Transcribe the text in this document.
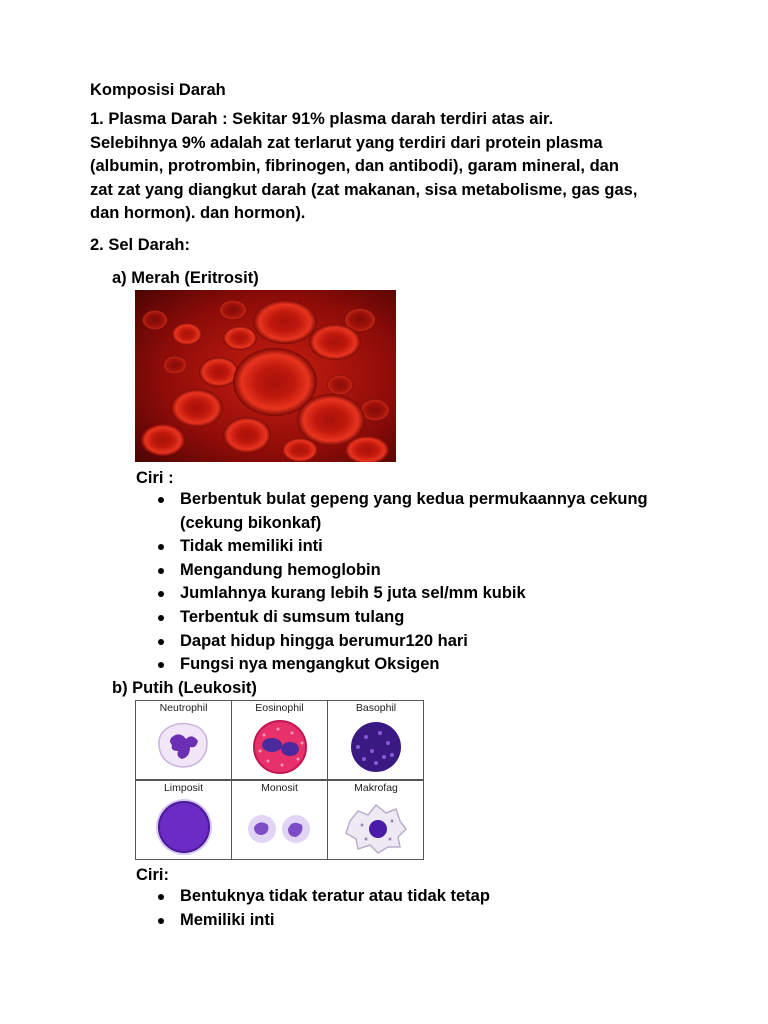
Komposisi Darah
1. Plasma Darah : Sekitar 91% plasma darah terdiri atas air.
Selebihnya 9% adalah zat terlarut yang terdiri dari protein plasma
(albumin, protrombin, fibrinogen, dan antibodi), garam mineral, dan
zat zat yang diangkut darah (zat makanan, sisa metabolisme, gas gas,
dan hormon). dan hormon).
2. Sel Darah:
a) Merah (Eritrosit)
Ciri :
Berbentuk bulat gepeng yang kedua permukaannya cekung
(cekung bikonkaf)
Tidak memiliki inti
Mengandung hemoglobin
Jumlahnya kurang lebih 5 juta sel/mm kubik
Terbentuk di sumsum tulang
Dapat hidup hingga berumur120 hari
Fungsi nya mengangkut Oksigen
b) Putih (Leukosit)
Neutrophil	Eosinophil	Basophil
Limposit	Monosit	Makrofag
Ciri:
Bentuknya tidak teratur atau tidak tetap
Memiliki inti
